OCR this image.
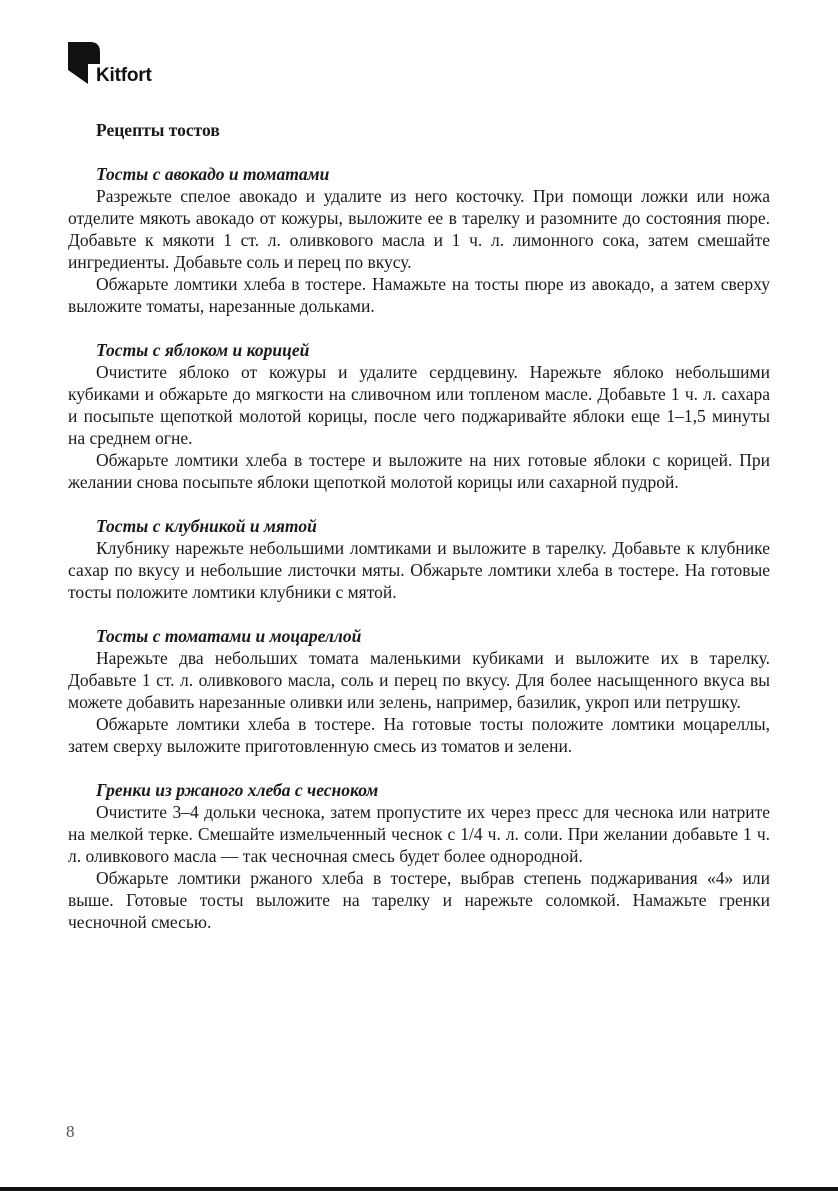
Kitfort
Рецепты тостов
Тосты с авокадо и томатами

Разрежьте спелое авокадо и удалите из него косточку. При помощи ложки или ножа отделите мякоть авокадо от кожуры, выложите ее в тарелку и разомните до состояния пюре. Добавьте к мякоти 1 ст. л. оливкового масла и 1 ч. л. лимонного сока, затем смешайте ингредиенты. Добавьте соль и перец по вкусу.

Обжарьте ломтики хлеба в тостере. Намажьте на тосты пюре из авокадо, а затем сверху выложите томаты, нарезанные дольками.

Тосты с яблоком и корицей

Очистите яблоко от кожуры и удалите сердцевину. Нарежьте яблоко небольшими кубиками и обжарьте до мягкости на сливочном или топленом масле. Добавьте 1 ч. л. сахара и посыпьте щепоткой молотой корицы, после чего поджаривайте яблоки еще 1–1,5 минуты на среднем огне.

Обжарьте ломтики хлеба в тостере и выложите на них готовые яблоки с корицей. При желании снова посыпьте яблоки щепоткой молотой корицы или сахарной пудрой.

Тосты с клубникой и мятой

Клубнику нарежьте небольшими ломтиками и выложите в тарелку. Добавьте к клубнике сахар по вкусу и небольшие листочки мяты. Обжарьте ломтики хлеба в тостере. На готовые тосты положите ломтики клубники с мятой.

Тосты с томатами и моцареллой

Нарежьте два небольших томата маленькими кубиками и выложите их в тарелку. Добавьте 1 ст. л. оливкового масла, соль и перец по вкусу. Для более насыщенного вкуса вы можете добавить нарезанные оливки или зелень, например, базилик, укроп или петрушку.

Обжарьте ломтики хлеба в тостере. На готовые тосты положите ломтики моцареллы, затем сверху выложите приготовленную смесь из томатов и зелени.

Гренки из ржаного хлеба с чесноком

Очистите 3–4 дольки чеснока, затем пропустите их через пресс для чеснока или натрите на мелкой терке. Смешайте измельченный чеснок с 1/4 ч. л. соли. При желании добавьте 1 ч. л. оливкового масла — так чесночная смесь будет более однородной.

Обжарьте ломтики ржаного хлеба в тостере, выбрав степень поджаривания «4» или выше. Готовые тосты выложите на тарелку и нарежьте соломкой. Намажьте гренки чесночной смесью.

8
